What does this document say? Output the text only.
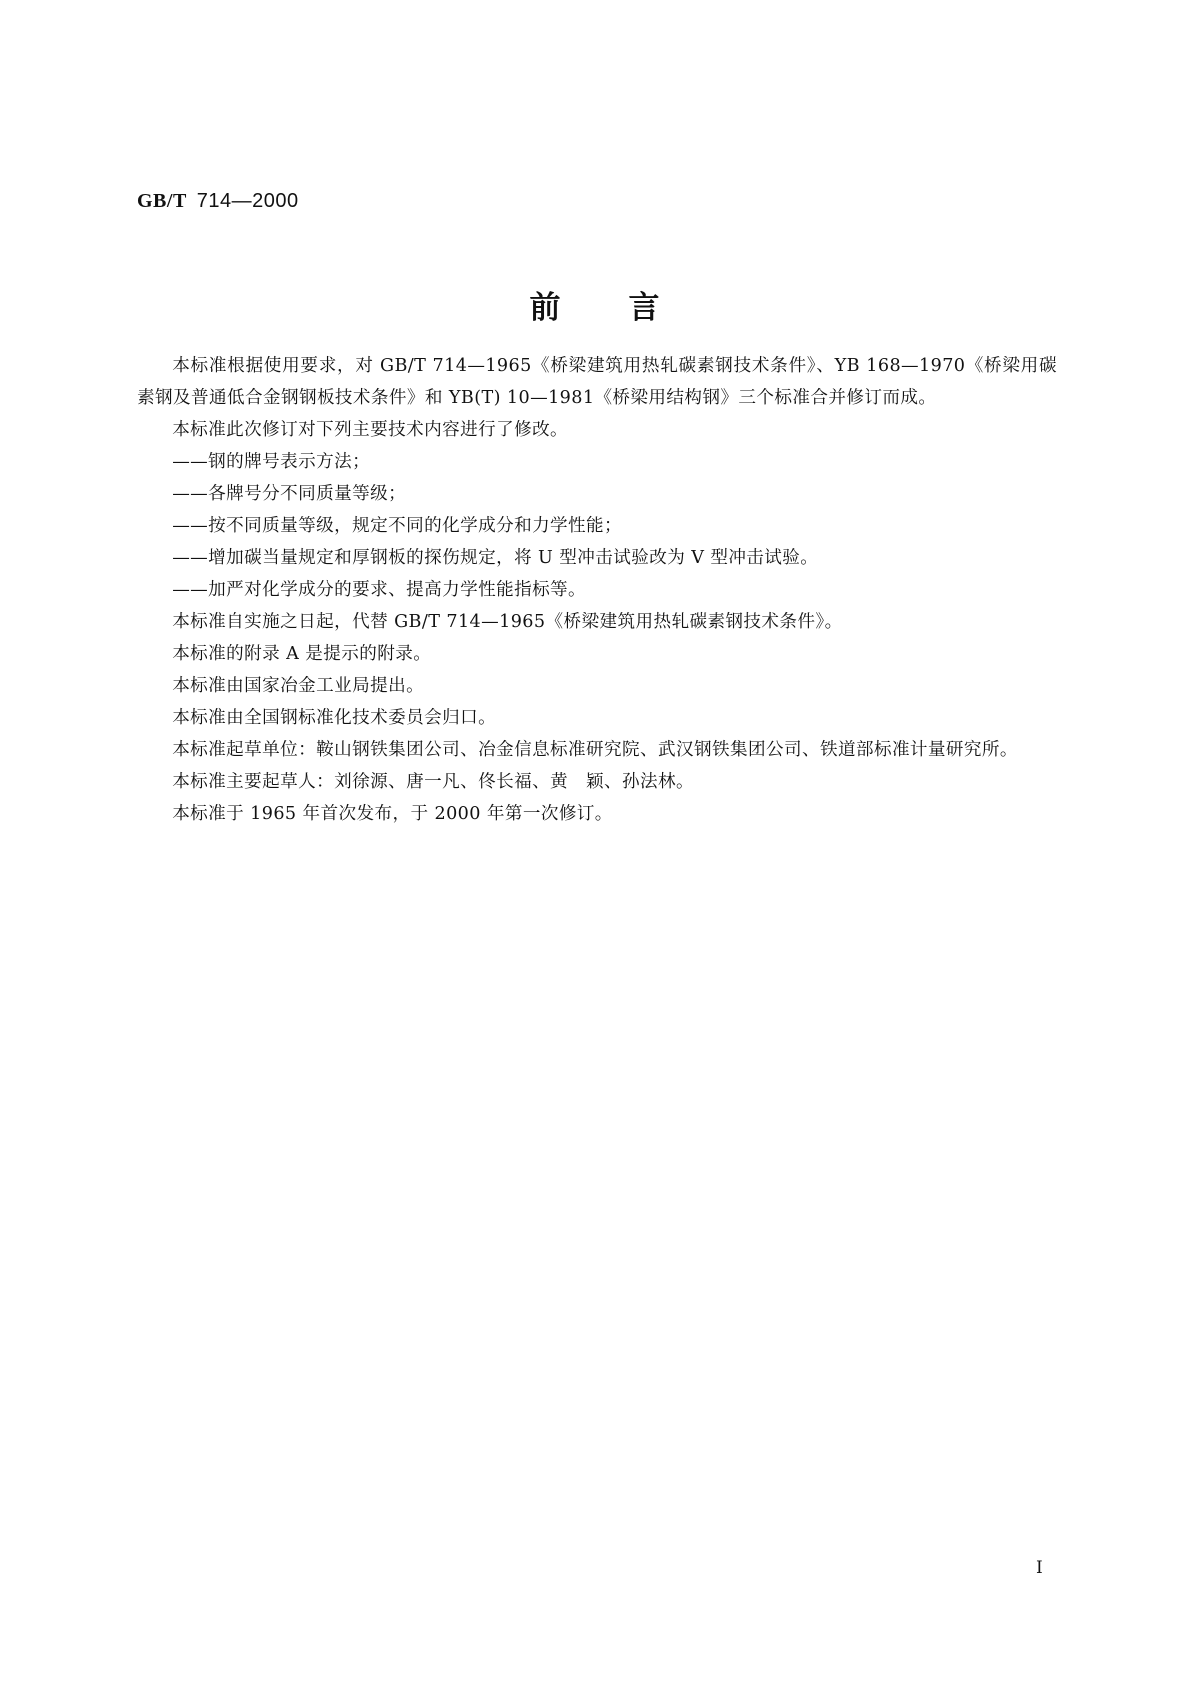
GB/T 714—2000
前　　言

本标准根据使用要求，对 GB/T 714—1965《桥梁建筑用热轧碳素钢技术条件》、YB 168—1970《桥梁用碳素钢及普通低合金钢钢板技术条件》和 YB(T) 10—1981《桥梁用结构钢》三个标准合并修订而成。

本标准此次修订对下列主要技术内容进行了修改。

——钢的牌号表示方法；

——各牌号分不同质量等级；

——按不同质量等级，规定不同的化学成分和力学性能；

——增加碳当量规定和厚钢板的探伤规定，将 U 型冲击试验改为 V 型冲击试验。

——加严对化学成分的要求、提高力学性能指标等。

本标准自实施之日起，代替 GB/T 714—1965《桥梁建筑用热轧碳素钢技术条件》。

本标准的附录 A 是提示的附录。

本标准由国家冶金工业局提出。

本标准由全国钢标准化技术委员会归口。

本标准起草单位：鞍山钢铁集团公司、冶金信息标准研究院、武汉钢铁集团公司、铁道部标准计量研究所。

本标准主要起草人：刘徐源、唐一凡、佟长福、黄　颖、孙法林。

本标准于 1965 年首次发布，于 2000 年第一次修订。

I
